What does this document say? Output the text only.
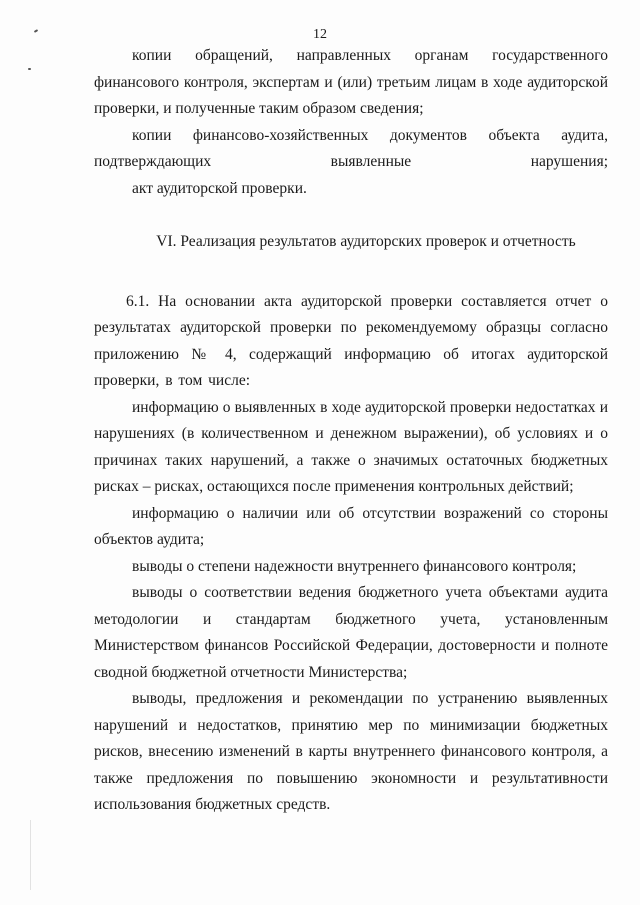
12

копии обращений, направленных органам государственного финансового контроля, экспертам и (или) третьим лицам в ходе аудиторской проверки, и полученные таким образом сведения;

копии финансово-хозяйственных документов объекта аудита, подтверждающих выявленные нарушения;

акт аудиторской проверки.

VI. Реализация результатов аудиторских проверок и отчетность

6.1. На основании акта аудиторской проверки составляется отчет о результатах аудиторской проверки по рекомендуемому образцы согласно приложению № 4, содержащий информацию об итогах аудиторской проверки, в том числе:

информацию о выявленных в ходе аудиторской проверки недостатках и нарушениях (в количественном и денежном выражении), об условиях и о причинах таких нарушений, а также о значимых остаточных бюджетных рисках – рисках, остающихся после применения контрольных действий;

информацию о наличии или об отсутствии возражений со стороны объектов аудита;

выводы о степени надежности внутреннего финансового контроля;

выводы о соответствии ведения бюджетного учета объектами аудита методологии и стандартам бюджетного учета, установленным Министерством финансов Российской Федерации, достоверности и полноте сводной бюджетной отчетности Министерства;

выводы, предложения и рекомендации по устранению выявленных нарушений и недостатков, принятию мер по минимизации бюджетных рисков, внесению изменений в карты внутреннего финансового контроля, а также предложения по повышению экономности и результативности использования бюджетных средств.
